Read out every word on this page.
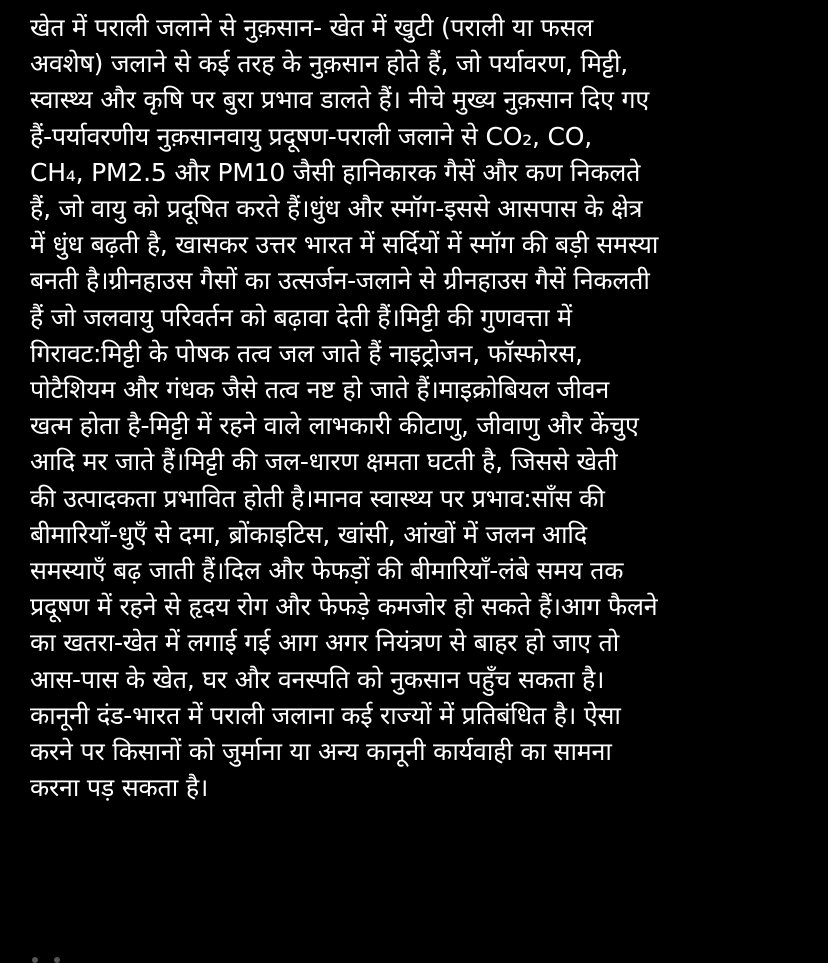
खेत में पराली जलाने से नुक़सान- खेत में खुटी (पराली या फसल
अवशेष) जलाने से कई तरह के नुक़सान होते हैं, जो पर्यावरण, मिट्टी,
स्वास्थ्य और कृषि पर बुरा प्रभाव डालते हैं। नीचे मुख्य नुक़सान दिए गए
हैं-पर्यावरणीय नुक़सानवायु प्रदूषण-पराली जलाने से CO₂, CO,
CH₄, PM2.5 और PM10 जैसी हानिकारक गैसें और कण निकलते
हैं, जो वायु को प्रदूषित करते हैं।धुंध और स्मॉग-इससे आसपास के क्षेत्र
में धुंध बढ़ती है, खासकर उत्तर भारत में सर्दियों में स्मॉग की बड़ी समस्या
बनती है।ग्रीनहाउस गैसों का उत्सर्जन-जलाने से ग्रीनहाउस गैसें निकलती
हैं जो जलवायु परिवर्तन को बढ़ावा देती हैं।मिट्टी की गुणवत्ता में
गिरावट:मिट्टी के पोषक तत्व जल जाते हैं नाइट्रोजन, फॉस्फोरस,
पोटैशियम और गंधक जैसे तत्व नष्ट हो जाते हैं।माइक्रोबियल जीवन
खत्म होता है-मिट्टी में रहने वाले लाभकारी कीटाणु, जीवाणु और केंचुए
आदि मर जाते हैं।मिट्टी की जल-धारण क्षमता घटती है, जिससे खेती
की उत्पादकता प्रभावित होती है।मानव स्वास्थ्य पर प्रभाव:साँस की
बीमारियाँ-धुएँ से दमा, ब्रोंकाइटिस, खांसी, आंखों में जलन आदि
समस्याएँ बढ़ जाती हैं।दिल और फेफड़ों की बीमारियाँ-लंबे समय तक
प्रदूषण में रहने से हृदय रोग और फेफड़े कमजोर हो सकते हैं।आग फैलने
का खतरा-खेत में लगाई गई आग अगर नियंत्रण से बाहर हो जाए तो
आस-पास के खेत, घर और वनस्पति को नुकसान पहुँच सकता है।
कानूनी दंड-भारत में पराली जलाना कई राज्यों में प्रतिबंधित है। ऐसा
करने पर किसानों को जुर्माना या अन्य कानूनी कार्यवाही का सामना
करना पड़ सकता है।
